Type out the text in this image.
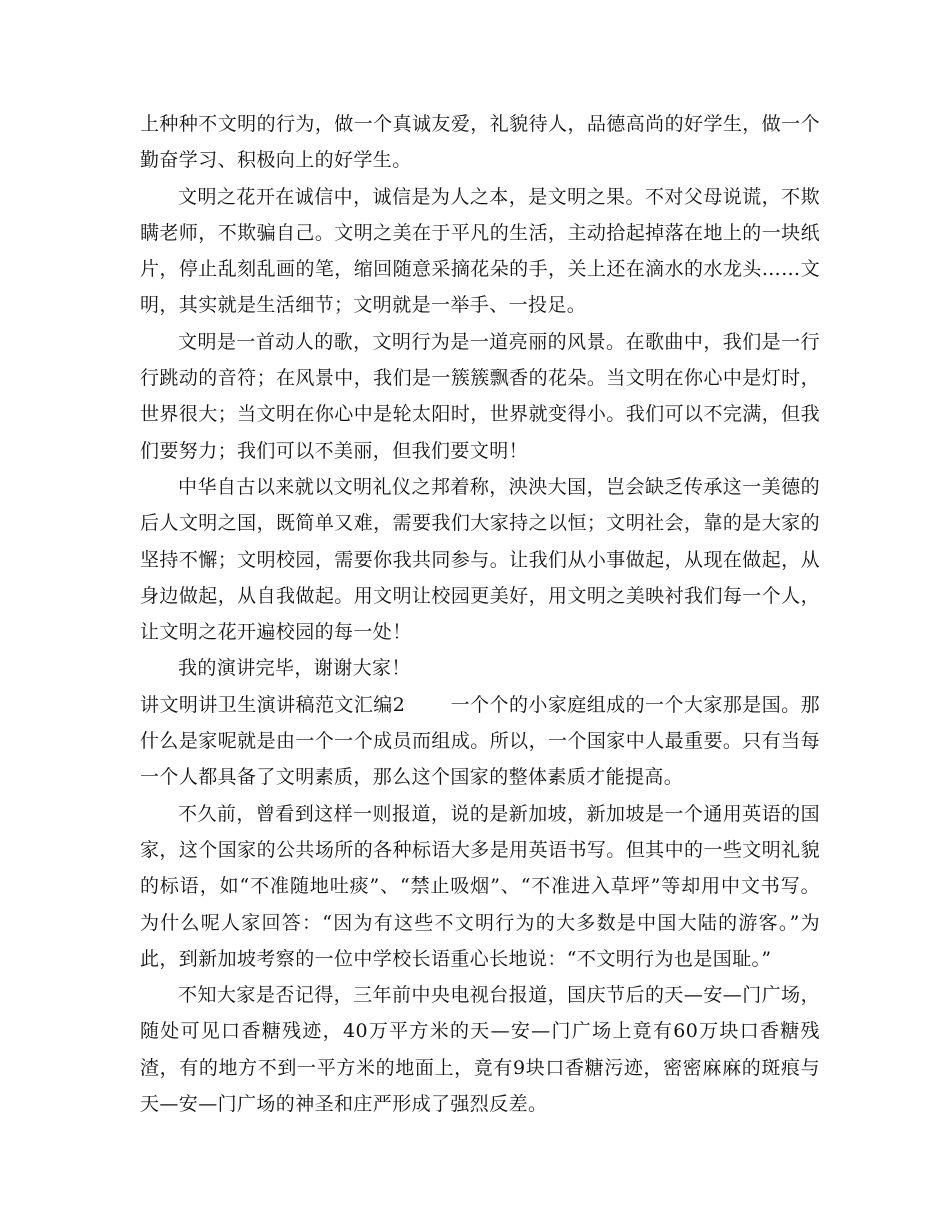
上种种不文明的行为，做一个真诚友爱，礼貌待人，品德高尚的好学生，做一个勤奋学习、积极向上的好学生。

文明之花开在诚信中，诚信是为人之本，是文明之果。不对父母说谎，不欺瞒老师，不欺骗自己。文明之美在于平凡的生活，主动拾起掉落在地上的一块纸片，停止乱刻乱画的笔，缩回随意采摘花朵的手，关上还在滴水的水龙头……文明，其实就是生活细节；文明就是一举手、一投足。

文明是一首动人的歌，文明行为是一道亮丽的风景。在歌曲中，我们是一行行跳动的音符；在风景中，我们是一簇簇飘香的花朵。当文明在你心中是灯时，世界很大；当文明在你心中是轮太阳时，世界就变得小。我们可以不完满，但我们要努力；我们可以不美丽，但我们要文明！

中华自古以来就以文明礼仪之邦着称，泱泱大国，岂会缺乏传承这一美德的后人文明之国，既简单又难，需要我们大家持之以恒；文明社会，靠的是大家的坚持不懈；文明校园，需要你我共同参与。让我们从小事做起，从现在做起，从身边做起，从自我做起。用文明让校园更美好，用文明之美映衬我们每一个人，让文明之花开遍校园的每一处！

我的演讲完毕，谢谢大家！

讲文明讲卫生演讲稿范文汇编2 一个个的小家庭组成的一个大家那是国。那什么是家呢就是由一个一个成员而组成。所以，一个国家中人最重要。只有当每一个人都具备了文明素质，那么这个国家的整体素质才能提高。

不久前，曾看到这样一则报道，说的是新加坡，新加坡是一个通用英语的国家，这个国家的公共场所的各种标语大多是用英语书写。但其中的一些文明礼貌的标语，如“不准随地吐痰”、“禁止吸烟”、“不准进入草坪”等却用中文书写。为什么呢人家回答：“因为有这些不文明行为的大多数是中国大陆的游客。”为此，到新加坡考察的一位中学校长语重心长地说：“不文明行为也是国耻。”

不知大家是否记得，三年前中央电视台报道，国庆节后的天—安—门广场，随处可见口香糖残迹，40万平方米的天—安—门广场上竟有60万块口香糖残渣，有的地方不到一平方米的地面上，竟有9块口香糖污迹，密密麻麻的斑痕与天—安—门广场的神圣和庄严形成了强烈反差。
